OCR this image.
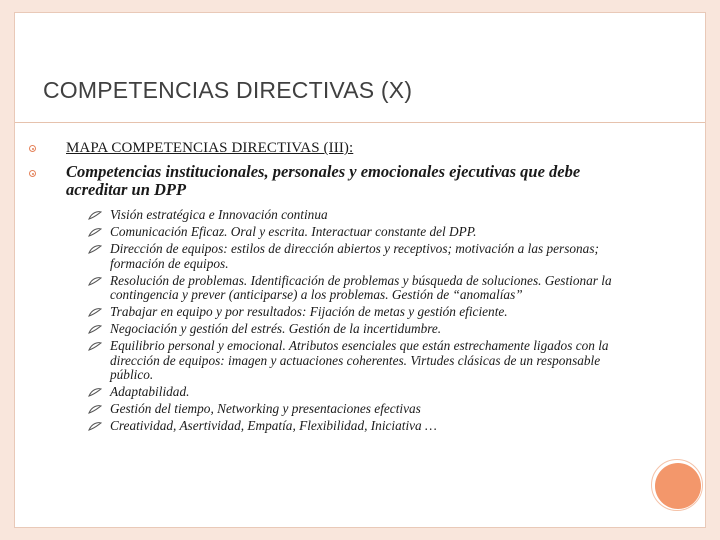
COMPETENCIAS DIRECTIVAS (X)
MAPA COMPETENCIAS DIRECTIVAS (III):
Competencias institucionales, personales y emocionales ejecutivas que debe acreditar un DPP
Visión estratégica e Innovación continua
Comunicación Eficaz. Oral y escrita. Interactuar constante del DPP.
Dirección de equipos: estilos de dirección abiertos y receptivos; motivación a las personas; formación de equipos.
Resolución de problemas. Identificación de problemas y búsqueda de soluciones. Gestionar la contingencia y prever (anticiparse) a los problemas. Gestión de “anomalías”
Trabajar en equipo y por resultados: Fijación de metas y gestión eficiente.
Negociación y gestión del estrés. Gestión de la incertidumbre.
Equilibrio personal y emocional. Atributos esenciales que están estrechamente ligados con la dirección de equipos: imagen y actuaciones coherentes. Virtudes clásicas de un responsable público.
Adaptabilidad.
Gestión del tiempo, Networking y presentaciones efectivas
Creatividad, Asertividad, Empatía, Flexibilidad, Iniciativa …
